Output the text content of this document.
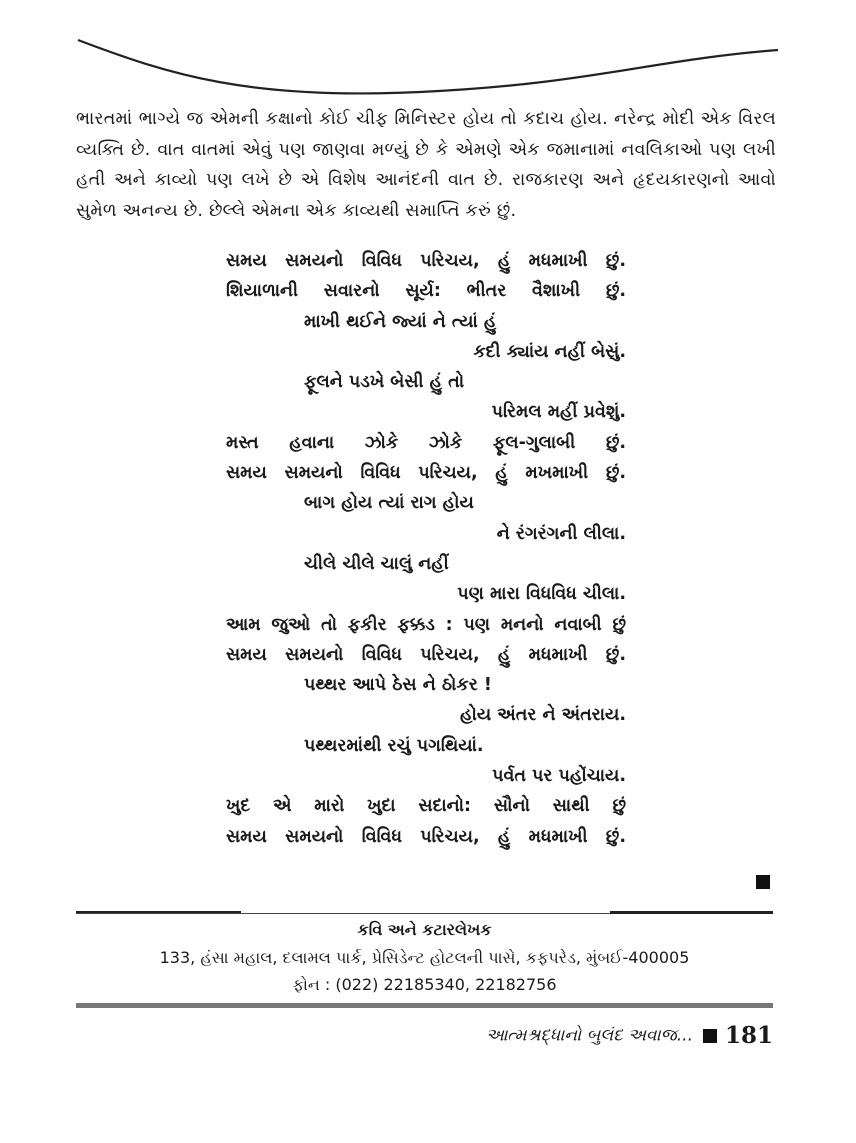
ભારતમાં ભાગ્યે જ એમની કક્ષાનો કોઈ ચીફ મિનિસ્ટર હોય તો કદાચ હોય. નરેન્દ્ર મોદી એક વિરલ વ્યક્તિ છે. વાત વાતમાં એવું પણ જાણવા મળ્યું છે કે એમણે એક જમાનામાં નવલિકાઓ પણ લખી હતી અને કાવ્યો પણ લખે છે એ વિશેષ આનંદની વાત છે. રાજકારણ અને હૃદયકારણનો આવો સુમેળ અનન્ય છે. છેલ્લે એમના એક કાવ્યથી સમાપ્તિ કરું છું.
સમય સમયનો વિવિધ પરિચય, હું મધમાખી છું.
શિયાળાની સવારનો સૂર્ય: ભીતર વૈશાખી છું.
માખી થઈને જ્યાં ને ત્યાં હું
કદી ક્યાંય નહીં બેસું.
ફૂલને પડખે બેસી હું તો
પરિમલ મહીં પ્રવેશું.
મસ્ત હવાના ઝોકે ઝોકે ફૂલ-ગુલાબી છું.
સમય સમયનો વિવિધ પરિચય, હું મખમાખી છું.
બાગ હોય ત્યાં રાગ હોય
ને રંગરંગની લીલા.
ચીલે ચીલે ચાલું નહીં
પણ મારા વિધવિધ ચીલા.
આમ જુઓ તો ફકીર ફક્કડ : પણ મનનો નવાબી છું
સમય સમયનો વિવિધ પરિચય, હું મધમાખી છું.
પથ્થર આપે ઠેસ ને ઠોકર !
હોય અંતર ને અંતરાય.
પથ્થરમાંથી રચું પગથિયાં.
પર્વત પર પહોંચાય.
ખુદ એ મારો ખુદા સદાનો: સૌનો સાથી છું
સમય સમયનો વિવિધ પરિચય, હું મધમાખી છું.
કવિ અને કટારલેખક
133, હંસા મહાલ, દલામલ પાર્ક, પ્રેસિડેન્ટ હોટલની પાસે, કફપરેડ, મુંબઈ-400005
ફોન : (022) 22185340, 22182756
આત્મશ્રદ્ધાનો બુલંદ અવાજ... 181
